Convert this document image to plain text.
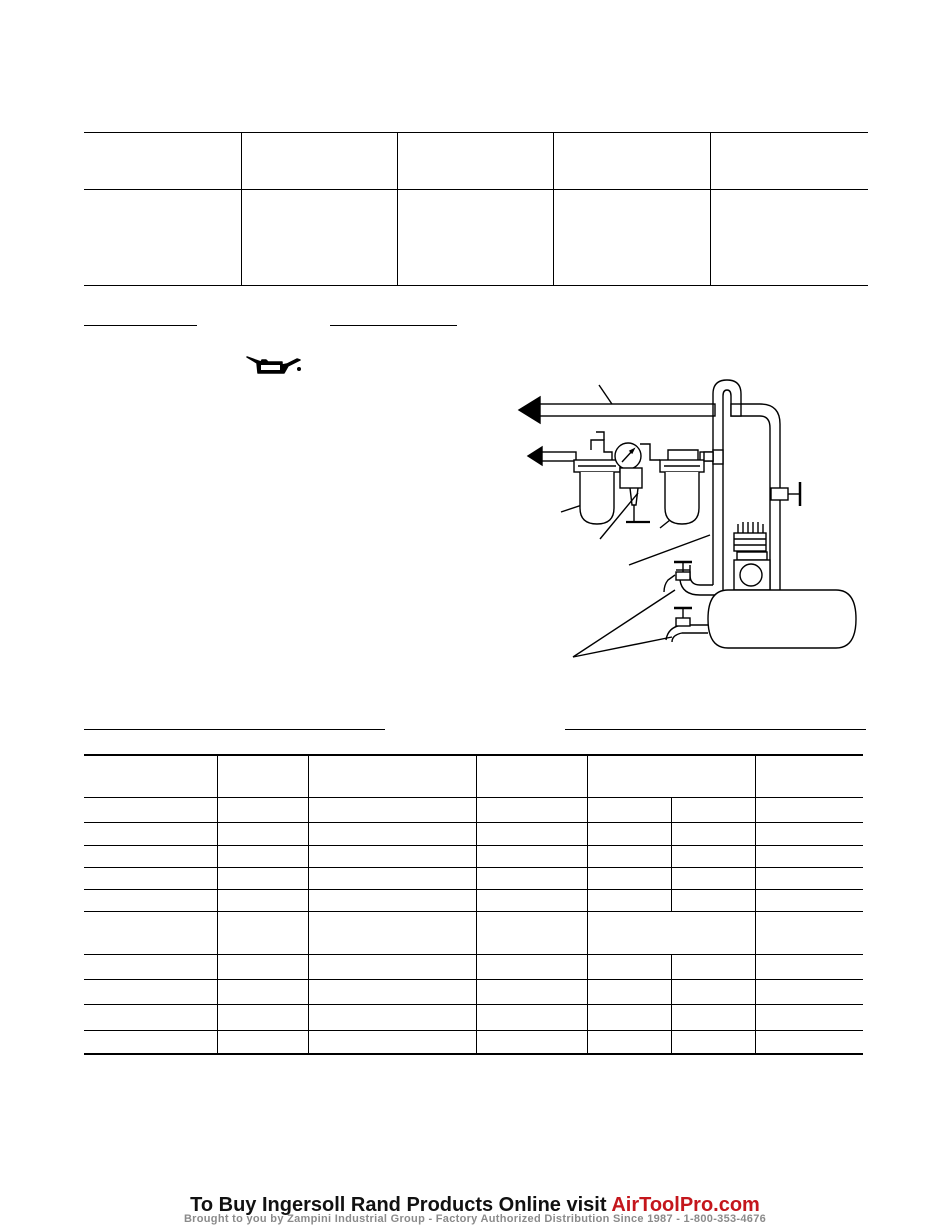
To Buy Ingersoll Rand Products Online visit AirToolPro.com
Brought to you by Zampini Industrial Group - Factory Authorized Distribution Since 1987 - 1-800-353-4676
